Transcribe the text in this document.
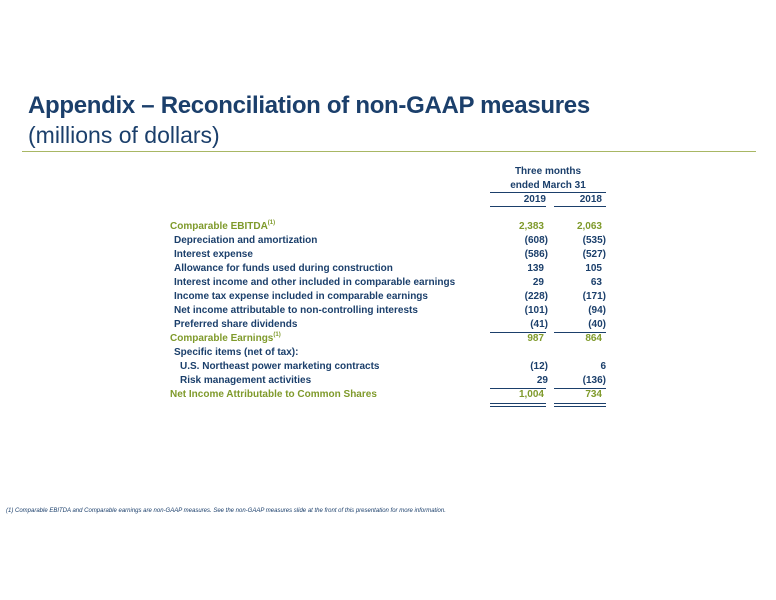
Appendix – Reconciliation of non-GAAP measures
(millions of dollars)
Three months
ended March 31
2019	2018
Comparable EBITDA$^{(1)}$	2,383	2,063
Depreciation and amortization	(608)	(535)
Interest expense	(586)	(527)
Allowance for funds used during construction	139	105
Interest income and other included in comparable earnings	29	63
Income tax expense included in comparable earnings	(228)	(171)
Net income attributable to non-controlling interests	(101)	(94)
Preferred share dividends	(41)	(40)
Comparable Earnings$^{(1)}$	987	864
Specific items (net of tax):
U.S. Northeast power marketing contracts	(12)	6
Risk management activities	29	(136)
Net Income Attributable to Common Shares	1,004	734
(1) Comparable EBITDA and Comparable earnings are non-GAAP measures. See the non-GAAP measures slide at the front of this presentation for more information.
